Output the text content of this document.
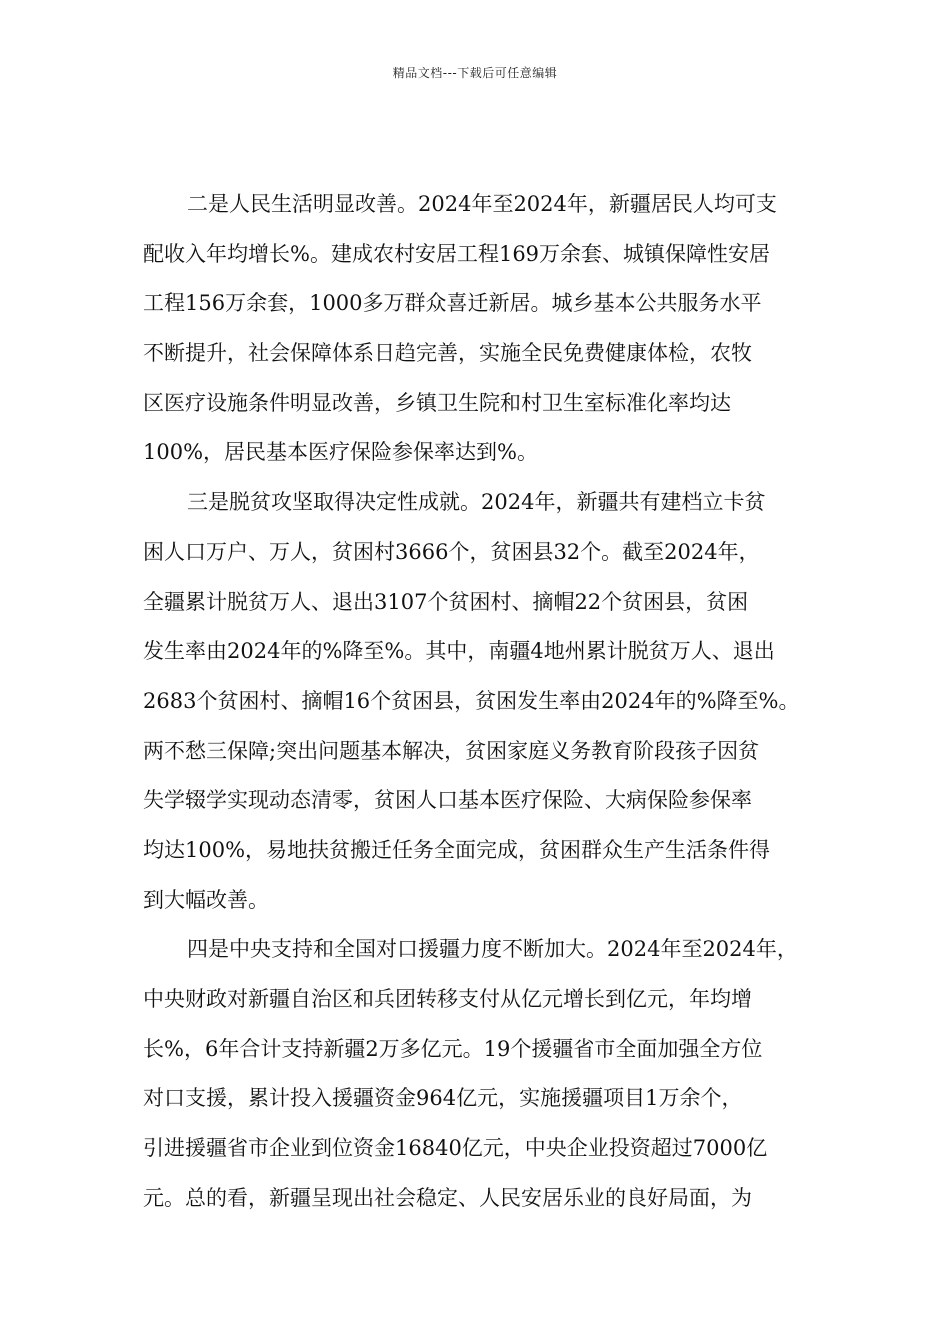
精品文档---下载后可任意编辑
二是人民生活明显改善。2024年至2024年，新疆居民人均可支
配收入年均增长%。建成农村安居工程169万余套、城镇保障性安居
工程156万余套，1000多万群众喜迁新居。城乡基本公共服务水平
不断提升，社会保障体系日趋完善，实施全民免费健康体检，农牧
区医疗设施条件明显改善，乡镇卫生院和村卫生室标准化率均达
100%，居民基本医疗保险参保率达到%。
三是脱贫攻坚取得决定性成就。2024年，新疆共有建档立卡贫
困人口万户、万人，贫困村3666个，贫困县32个。截至2024年，
全疆累计脱贫万人、退出3107个贫困村、摘帽22个贫困县，贫困
发生率由2024年的%降至%。其中，南疆4地州累计脱贫万人、退出
2683个贫困村、摘帽16个贫困县，贫困发生率由2024年的%降至%。
两不愁三保障;突出问题基本解决，贫困家庭义务教育阶段孩子因贫
失学辍学实现动态清零，贫困人口基本医疗保险、大病保险参保率
均达100%，易地扶贫搬迁任务全面完成，贫困群众生产生活条件得
到大幅改善。
四是中央支持和全国对口援疆力度不断加大。2024年至2024年，
中央财政对新疆自治区和兵团转移支付从亿元增长到亿元，年均增
长%，6年合计支持新疆2万多亿元。19个援疆省市全面加强全方位
对口支援，累计投入援疆资金964亿元，实施援疆项目1万余个，
引进援疆省市企业到位资金16840亿元，中央企业投资超过7000亿
元。总的看，新疆呈现出社会稳定、人民安居乐业的良好局面，为
